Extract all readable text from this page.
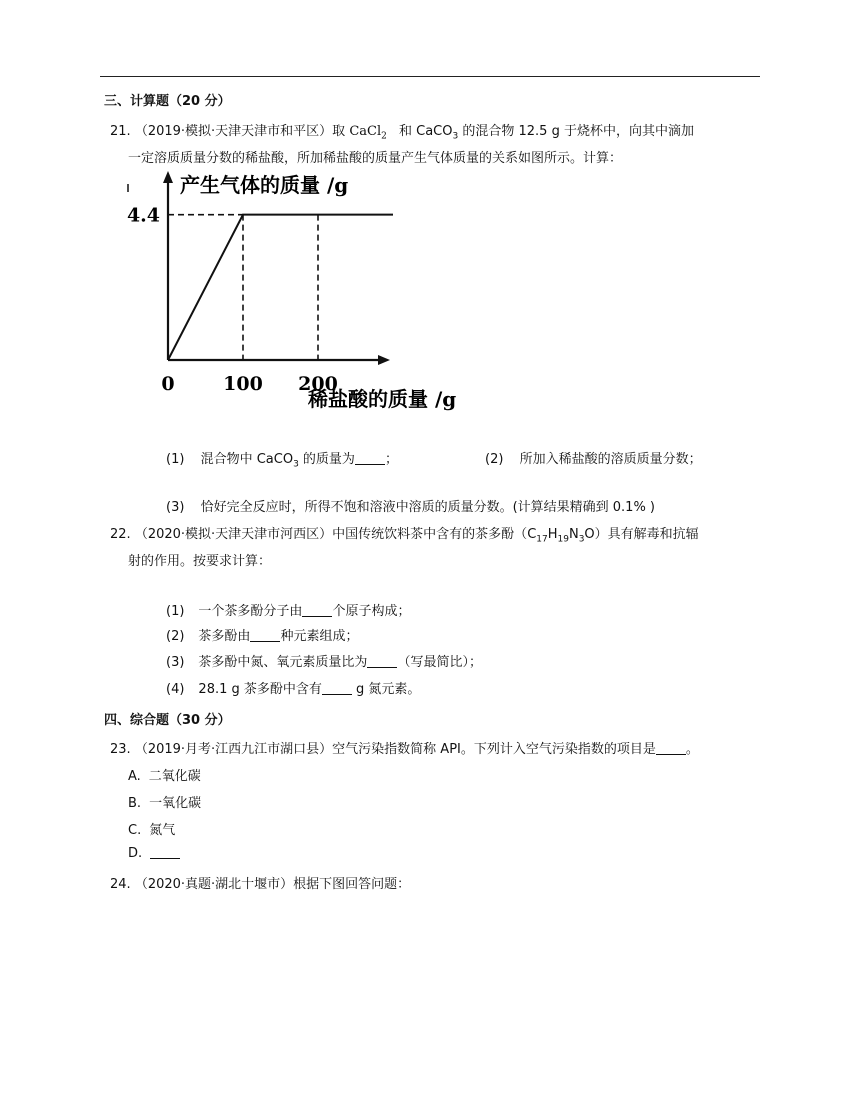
三、计算题（20 分）
21. （2019·模拟·天津天津市和平区）取 CaCl$_2$ 和 CaCO$_3$ 的混合物 12.5 g 于烧杯中，向其中滴加
一定溶质质量分数的稀盐酸，所加稀盐酸的质量产生气体质量的关系如图所示。计算：
4.4
0	100 200
产生气体的质量 /g
稀盐酸的质量 /g
(1) 混合物中 CaCO$_3$ 的质量为 ；	(2) 所加入稀盐酸的溶质质量分数；
(3) 恰好完全反应时，所得不饱和溶液中溶质的质量分数。(计算结果精确到 0.1% )
22. （2020·模拟·天津天津市河西区）中国传统饮料茶中含有的茶多酚$(C_{17}H_{19}N_3O)$具有解毒和抗辐
射的作用。按要求计算：
(1) 一个茶多酚分子由 个原子构成；
(2) 茶多酚由 种元素组成；
(3) 茶多酚中氮、氧元素质量比为 （写最简比）；
(4) 28.1 g 茶多酚中含有 g 氮元素。
四、综合题（30 分）
23. （2019·月考·江西九江市湖口县）空气污染指数简称 API。下列计入空气污染指数的项目是 。
A. 二氧化碳
B. 一氧化碳
C. 氮气
D.
24. （2020·真题·湖北十堰市）根据下图回答问题：
